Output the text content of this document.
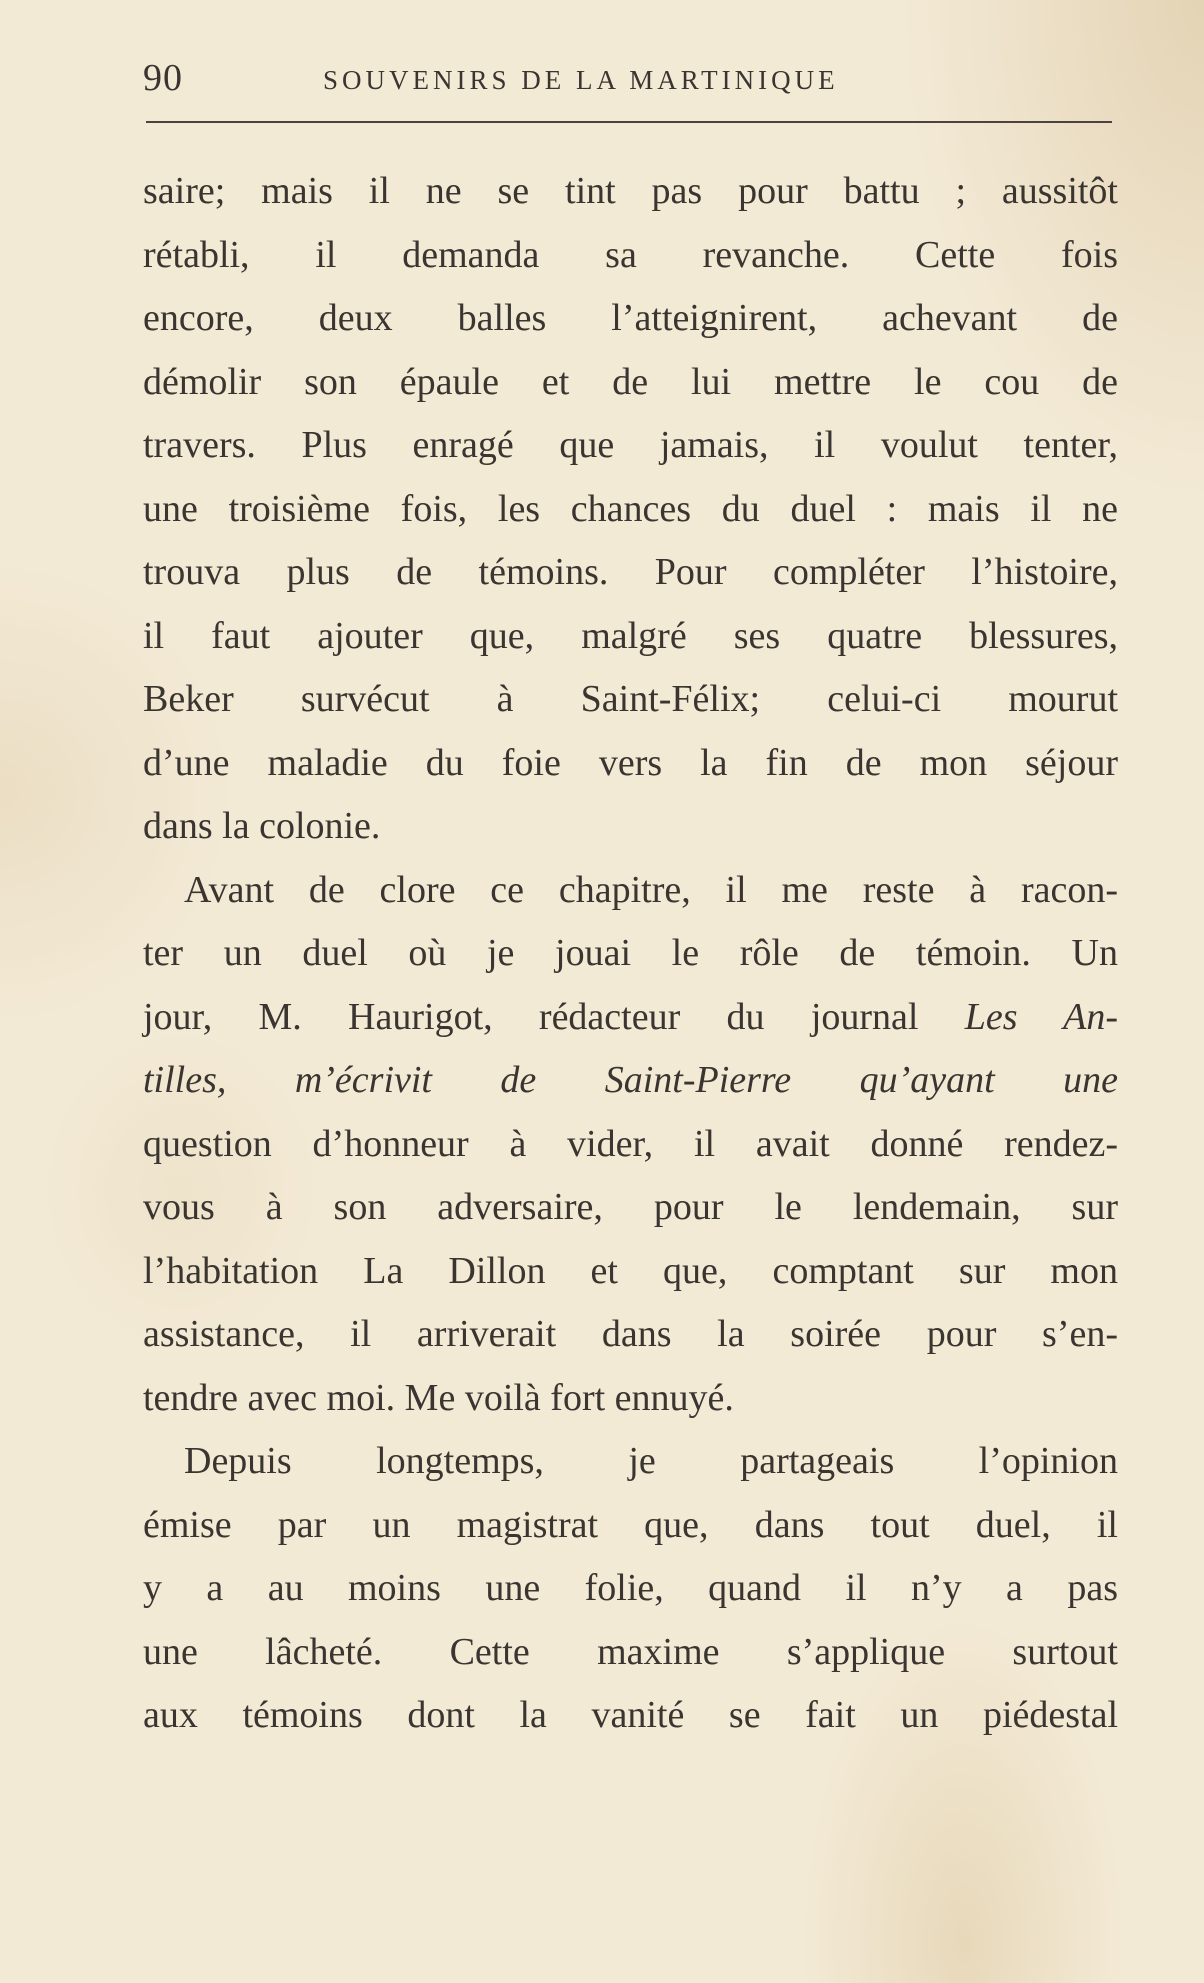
90	SOUVENIRS DE LA MARTINIQUE
saire; mais il ne se tint pas pour battu ; aussitôt
rétabli, il demanda sa revanche. Cette fois
encore, deux balles l’atteignirent, achevant de
démolir son épaule et de lui mettre le cou de
travers. Plus enragé que jamais, il voulut tenter,
une troisième fois, les chances du duel : mais il ne
trouva plus de témoins. Pour compléter l’histoire,
il faut ajouter que, malgré ses quatre blessures,
Beker survécut à Saint-Félix; celui-ci mourut
d’une maladie du foie vers la fin de mon séjour
dans la colonie.
Avant de clore ce chapitre, il me reste à racon-
ter un duel où je jouai le rôle de témoin. Un
jour, M. Haurigot, rédacteur du journal Les An-
tilles, m’écrivit de Saint-Pierre qu’ayant une
question d’honneur à vider, il avait donné rendez-
vous à son adversaire, pour le lendemain, sur
l’habitation La Dillon et que, comptant sur mon
assistance, il arriverait dans la soirée pour s’en-
tendre avec moi. Me voilà fort ennuyé.
Depuis longtemps, je partageais l’opinion
émise par un magistrat que, dans tout duel, il
y a au moins une folie, quand il n’y a pas
une lâcheté. Cette maxime s’applique surtout
aux témoins dont la vanité se fait un piédestal
